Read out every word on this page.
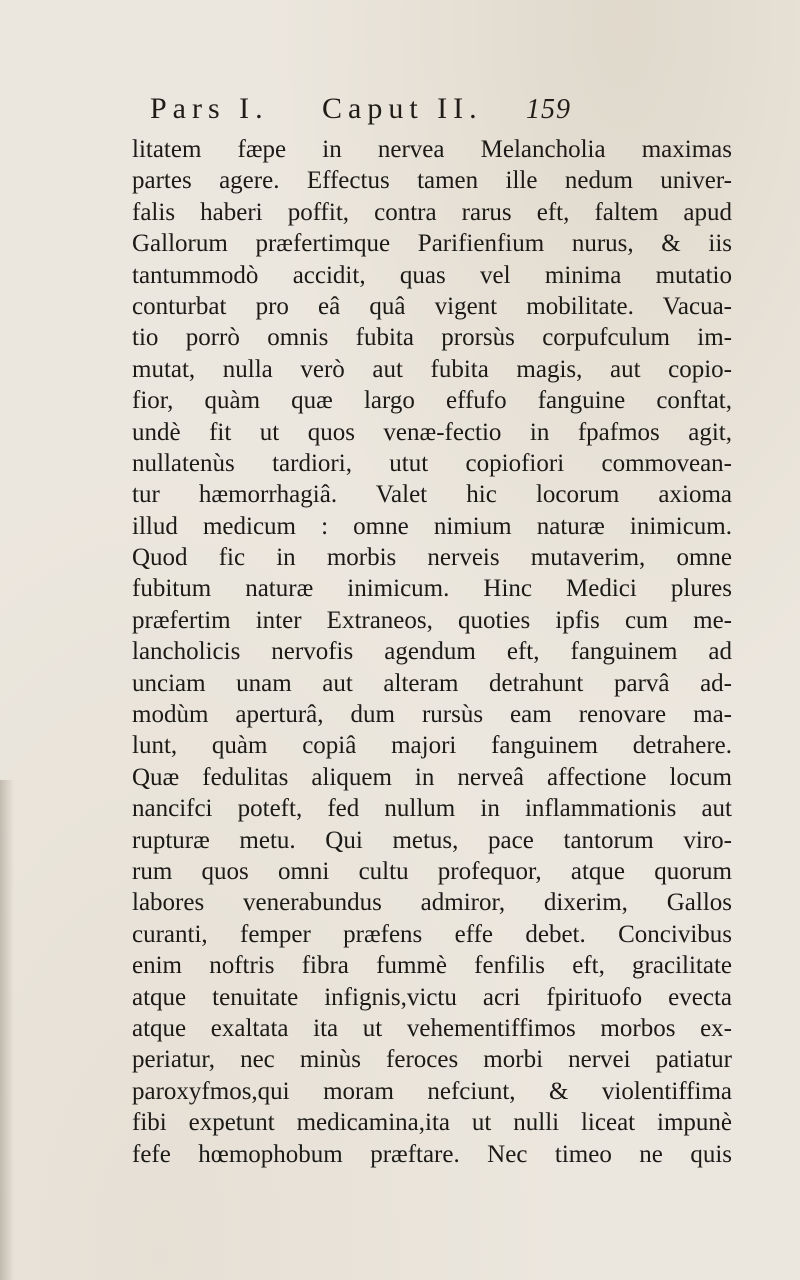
Pars I. Caput II. 159
litatem fæpe in nervea Melancholia maximas
partes agere. Effectus tamen ille nedum univer-
falis haberi poffit, contra rarus eft, faltem apud
Gallorum præfertimque Parifienfium nurus, & iis
tantummodò accidit, quas vel minima mutatio
conturbat pro eâ quâ vigent mobilitate. Vacua-
tio porrò omnis fubita prorsùs corpufculum im-
mutat, nulla verò aut fubita magis, aut copio-
fior, quàm quæ largo effufo fanguine conftat,
undè fit ut quos venæ-fectio in fpafmos agit,
nullatenùs tardiori, utut copiofiori commovean-
tur hæmorrhagiâ. Valet hic locorum axioma
illud medicum : omne nimium naturæ inimicum.
Quod fic in morbis nerveis mutaverim, omne
fubitum naturæ inimicum. Hinc Medici plures
præfertim inter Extraneos, quoties ipfis cum me-
lancholicis nervofis agendum eft, fanguinem ad
unciam unam aut alteram detrahunt parvâ ad-
modùm aperturâ, dum rursùs eam renovare ma-
lunt, quàm copiâ majori fanguinem detrahere.
Quæ fedulitas aliquem in nerveâ affectione locum
nancifci poteft, fed nullum in inflammationis aut
rupturæ metu. Qui metus, pace tantorum viro-
rum quos omni cultu profequor, atque quorum
labores venerabundus admiror, dixerim, Gallos
curanti, femper præfens effe debet. Concivibus
enim noftris fibra fummè fenfilis eft, gracilitate
atque tenuitate infignis,victu acri fpirituofo evecta
atque exaltata ita ut vehementiffimos morbos ex-
periatur, nec minùs feroces morbi nervei patiatur
paroxyfmos,qui moram nefciunt, & violentiffima
fibi expetunt medicamina,ita ut nulli liceat impunè
fefe hœmophobum præftare. Nec timeo ne quis
